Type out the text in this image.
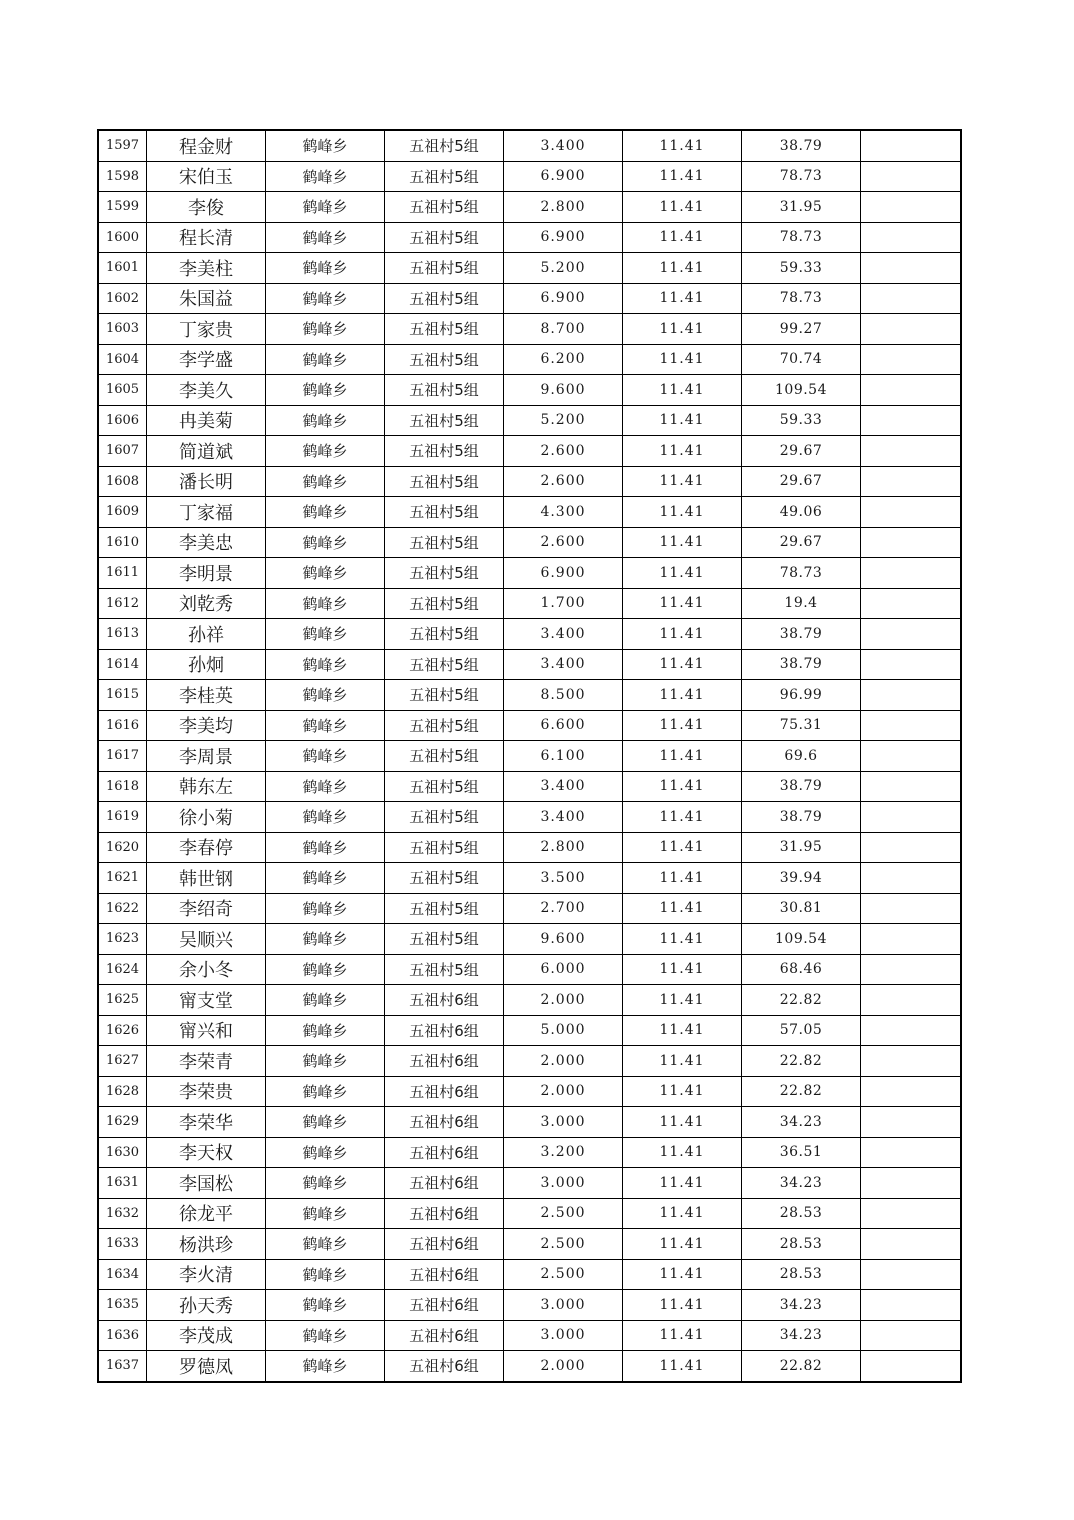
1597	程金财	鹤峰乡	五祖村5组	3.400	11.41	38.79	
1598	宋伯玉	鹤峰乡	五祖村5组	6.900	11.41	78.73	
1599	李俊	鹤峰乡	五祖村5组	2.800	11.41	31.95	
1600	程长清	鹤峰乡	五祖村5组	6.900	11.41	78.73	
1601	李美柱	鹤峰乡	五祖村5组	5.200	11.41	59.33	
1602	朱国益	鹤峰乡	五祖村5组	6.900	11.41	78.73	
1603	丁家贵	鹤峰乡	五祖村5组	8.700	11.41	99.27	
1604	李学盛	鹤峰乡	五祖村5组	6.200	11.41	70.74	
1605	李美久	鹤峰乡	五祖村5组	9.600	11.41	109.54	
1606	冉美菊	鹤峰乡	五祖村5组	5.200	11.41	59.33	
1607	简道斌	鹤峰乡	五祖村5组	2.600	11.41	29.67	
1608	潘长明	鹤峰乡	五祖村5组	2.600	11.41	29.67	
1609	丁家福	鹤峰乡	五祖村5组	4.300	11.41	49.06	
1610	李美忠	鹤峰乡	五祖村5组	2.600	11.41	29.67	
1611	李明景	鹤峰乡	五祖村5组	6.900	11.41	78.73	
1612	刘乾秀	鹤峰乡	五祖村5组	1.700	11.41	19.4	
1613	孙祥	鹤峰乡	五祖村5组	3.400	11.41	38.79	
1614	孙炯	鹤峰乡	五祖村5组	3.400	11.41	38.79	
1615	李桂英	鹤峰乡	五祖村5组	8.500	11.41	96.99	
1616	李美均	鹤峰乡	五祖村5组	6.600	11.41	75.31	
1617	李周景	鹤峰乡	五祖村5组	6.100	11.41	69.6	
1618	韩东左	鹤峰乡	五祖村5组	3.400	11.41	38.79	
1619	徐小菊	鹤峰乡	五祖村5组	3.400	11.41	38.79	
1620	李春停	鹤峰乡	五祖村5组	2.800	11.41	31.95	
1621	韩世钢	鹤峰乡	五祖村5组	3.500	11.41	39.94	
1622	李绍奇	鹤峰乡	五祖村5组	2.700	11.41	30.81	
1623	吴顺兴	鹤峰乡	五祖村5组	9.600	11.41	109.54	
1624	余小冬	鹤峰乡	五祖村5组	6.000	11.41	68.46	
1625	甯支堂	鹤峰乡	五祖村6组	2.000	11.41	22.82	
1626	甯兴和	鹤峰乡	五祖村6组	5.000	11.41	57.05	
1627	李荣青	鹤峰乡	五祖村6组	2.000	11.41	22.82	
1628	李荣贵	鹤峰乡	五祖村6组	2.000	11.41	22.82	
1629	李荣华	鹤峰乡	五祖村6组	3.000	11.41	34.23	
1630	李天权	鹤峰乡	五祖村6组	3.200	11.41	36.51	
1631	李国松	鹤峰乡	五祖村6组	3.000	11.41	34.23	
1632	徐龙平	鹤峰乡	五祖村6组	2.500	11.41	28.53	
1633	杨洪珍	鹤峰乡	五祖村6组	2.500	11.41	28.53	
1634	李火清	鹤峰乡	五祖村6组	2.500	11.41	28.53	
1635	孙天秀	鹤峰乡	五祖村6组	3.000	11.41	34.23	
1636	李茂成	鹤峰乡	五祖村6组	3.000	11.41	34.23	
1637	罗德凤	鹤峰乡	五祖村6组	2.000	11.41	22.82	
